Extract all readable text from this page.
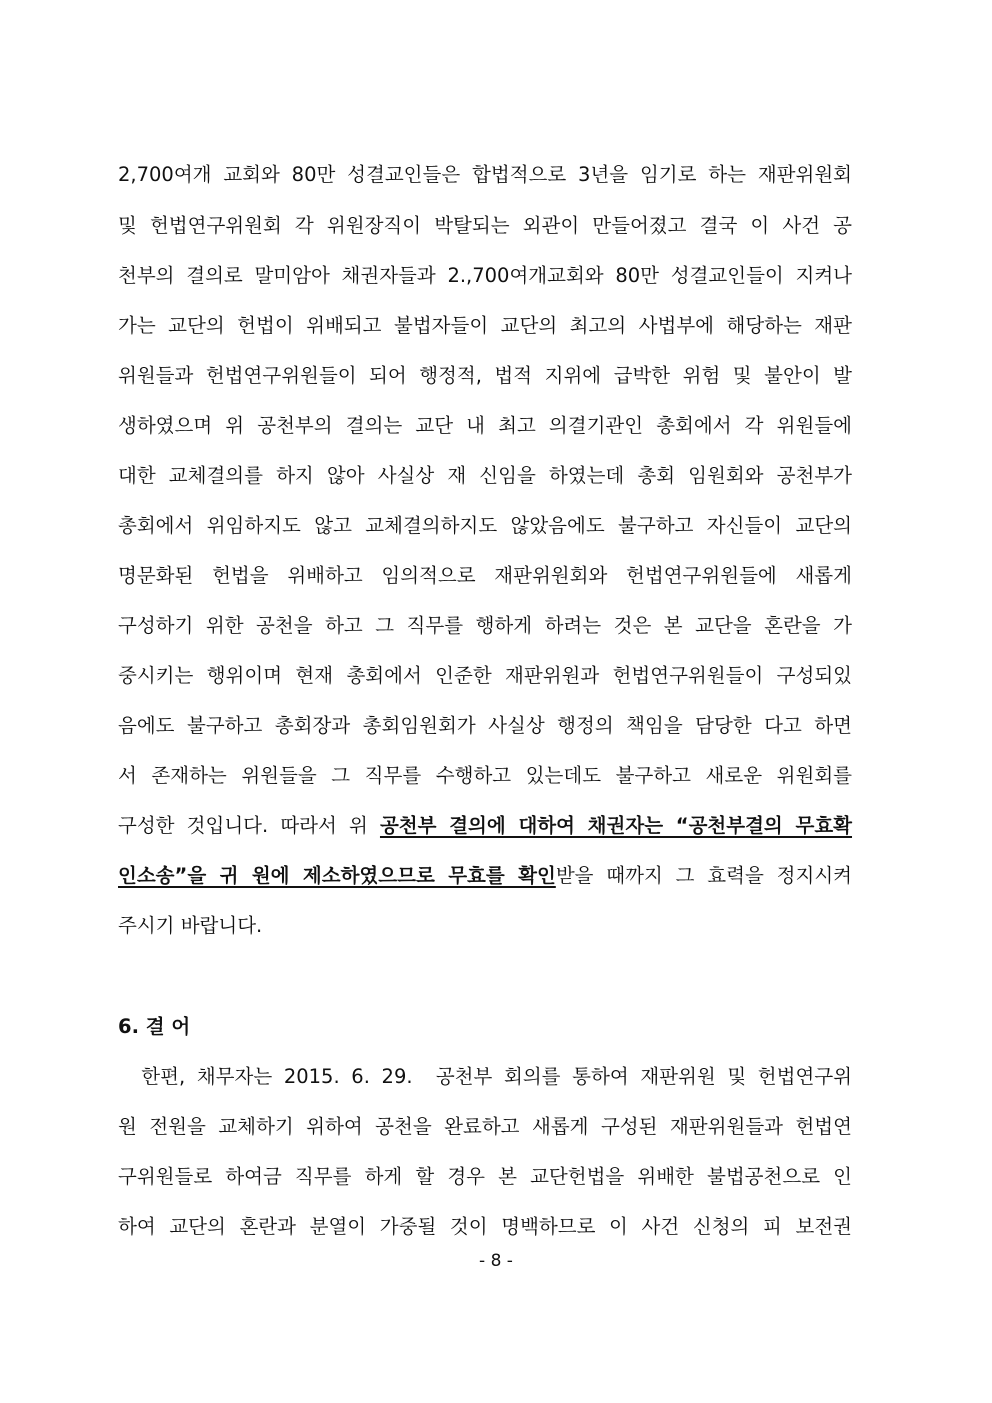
2,700여개 교회와 80만 성결교인들은 합법적으로 3년을 임기로 하는 재판위원회
및 헌법연구위원회 각 위원장직이 박탈되는 외관이 만들어졌고 결국 이 사건 공
천부의 결의로 말미암아 채권자들과 2.,700여개교회와 80만 성결교인들이 지켜나
가는 교단의 헌법이 위배되고 불법자들이 교단의 최고의 사법부에 해당하는 재판
위원들과 헌법연구위원들이 되어 행정적, 법적 지위에 급박한 위험 및 불안이 발
생하였으며 위 공천부의 결의는 교단 내 최고 의결기관인 총회에서 각 위원들에
대한 교체결의를 하지 않아 사실상 재 신임을 하였는데 총회 임원회와 공천부가
총회에서 위임하지도 않고 교체결의하지도 않았음에도 불구하고 자신들이 교단의
명문화된 헌법을 위배하고 임의적으로 재판위원회와 헌법연구위원들에 새롭게
구성하기 위한 공천을 하고 그 직무를 행하게 하려는 것은 본 교단을 혼란을 가
중시키는 행위이며 현재 총회에서 인준한 재판위원과 헌법연구위원들이 구성되있
음에도 불구하고 총회장과 총회임원회가 사실상 행정의 책임을 담당한 다고 하면
서 존재하는 위원들을 그 직무를 수행하고 있는데도 불구하고 새로운 위원회를
구성한 것입니다. 따라서 위 공천부 결의에 대하여 채권자는 “공천부결의 무효확
인소송”을 귀 원에 제소하였으므로 무효를 확인받을 때까지 그 효력을 정지시켜
주시기 바랍니다.
6. 결 어
한편, 채무자는 2015. 6. 29.  공천부 회의를 통하여 재판위원 및 헌법연구위
원 전원을 교체하기 위하여 공천을 완료하고 새롭게 구성된 재판위원들과 헌법연
구위원들로 하여금 직무를 하게 할 경우 본 교단헌법을 위배한 불법공천으로 인
하여 교단의 혼란과 분열이 가중될 것이 명백하므로 이 사건 신청의 피 보전권
- 8 -
